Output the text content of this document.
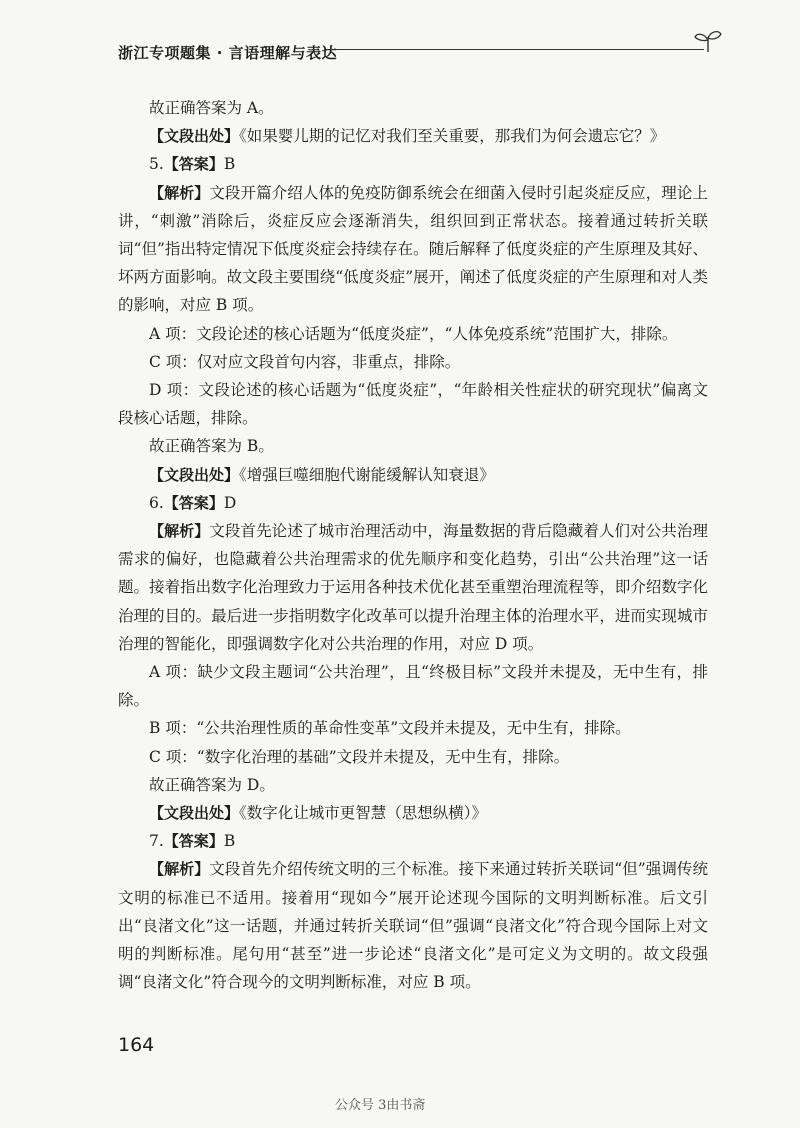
浙江专项题集 · 言语理解与表达

故正确答案为 A。

【文段出处】《如果婴儿期的记忆对我们至关重要，那我们为何会遗忘它？》

5.【答案】B

【解析】文段开篇介绍人体的免疫防御系统会在细菌入侵时引起炎症反应，理论上讲，“刺激”消除后，炎症反应会逐渐消失，组织回到正常状态。接着通过转折关联词“但”指出特定情况下低度炎症会持续存在。随后解释了低度炎症的产生原理及其好、坏两方面影响。故文段主要围绕“低度炎症”展开，阐述了低度炎症的产生原理和对人类的影响，对应 B 项。

A 项：文段论述的核心话题为“低度炎症”，“人体免疫系统”范围扩大，排除。

C 项：仅对应文段首句内容，非重点，排除。

D 项：文段论述的核心话题为“低度炎症”，“年龄相关性症状的研究现状”偏离文段核心话题，排除。

故正确答案为 B。

【文段出处】《增强巨噬细胞代谢能缓解认知衰退》

6.【答案】D

【解析】文段首先论述了城市治理活动中，海量数据的背后隐藏着人们对公共治理需求的偏好，也隐藏着公共治理需求的优先顺序和变化趋势，引出“公共治理”这一话题。接着指出数字化治理致力于运用各种技术优化甚至重塑治理流程等，即介绍数字化治理的目的。最后进一步指明数字化改革可以提升治理主体的治理水平，进而实现城市治理的智能化，即强调数字化对公共治理的作用，对应 D 项。

A 项：缺少文段主题词“公共治理”，且“终极目标”文段并未提及，无中生有，排除。

B 项：“公共治理性质的革命性变革”文段并未提及，无中生有，排除。

C 项：“数字化治理的基础”文段并未提及，无中生有，排除。

故正确答案为 D。

【文段出处】《数字化让城市更智慧（思想纵横）》

7.【答案】B

【解析】文段首先介绍传统文明的三个标准。接下来通过转折关联词“但”强调传统文明的标准已不适用。接着用“现如今”展开论述现今国际的文明判断标准。后文引出“良渚文化”这一话题，并通过转折关联词“但”强调“良渚文化”符合现今国际上对文明的判断标准。尾句用“甚至”进一步论述“良渚文化”是可定义为文明的。故文段强调“良渚文化”符合现今的文明判断标准，对应 B 项。

164
公众号 3由书斋
